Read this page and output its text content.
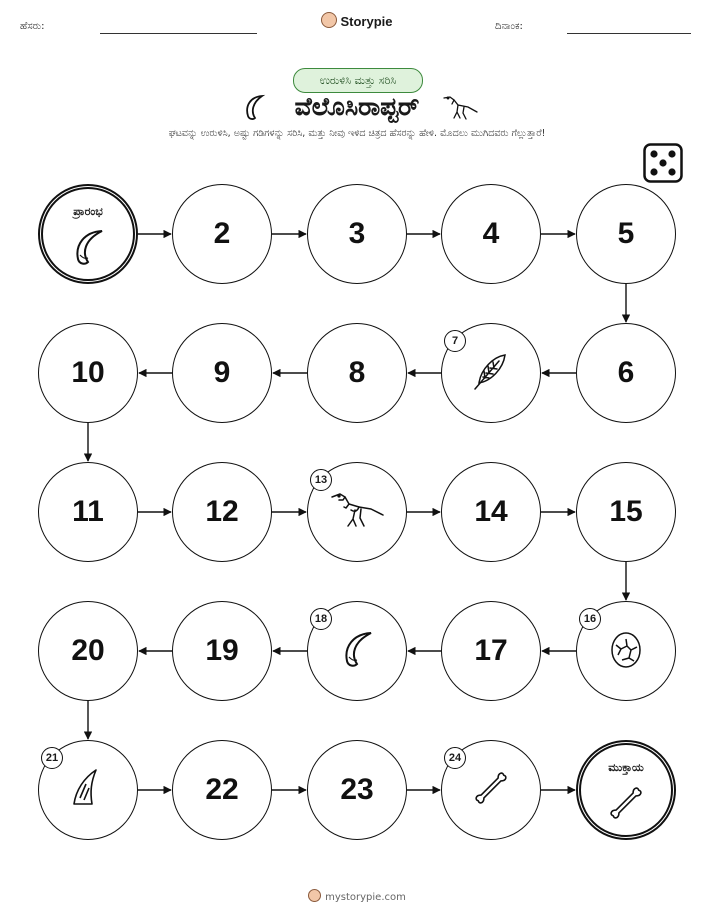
ಹೆಸರು:	Storypie	ದಿನಾಂಕ:
ಉರುಳಿಸಿ ಮತ್ತು ಸರಿಸಿ
ವೆಲೊಸಿರಾಪ್ಟರ್
ಘಟವನ್ನು ಉರುಳಿಸಿ, ಅಷ್ಟು ಗಡಿಗಳನ್ನು ಸರಿಸಿ, ಮತ್ತು ನೀವು ಇಳಿದ ಚಿತ್ರದ ಹೆಸರನ್ನು ಹೇಳಿ. ಮೊದಲು ಮುಗಿದವರು ಗೆಲ್ಲುತ್ತಾರೆ!
ಪ್ರಾರಂಭ
2	3	4	5
6
7
8
9
10
11	12
13
14	15
16
17
18
19
20
21
22	23
24
ಮುಕ್ತಾಯ
mystorypie.com
